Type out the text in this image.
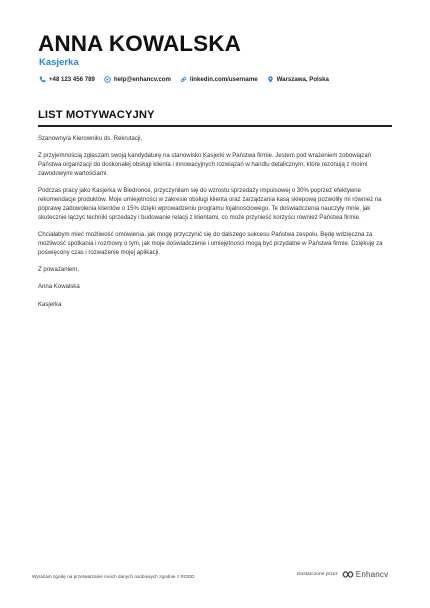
ANNA KOWALSKA
Kasjerka
+48 123 456 789	help@enhancv.com	linkedin.com/username	Warszawa, Polska
LIST MOTYWACYJNY

Szanowny/a Kierowniku ds. Rekrutacji,

Z przyjemnością zgłaszam swoją kandydaturę na stanowisko Kasjerki w Państwa firmie. Jestem pod wrażeniem zobowiązań Państwa organizacji do doskonałej obsługi klienta i innowacyjnych rozwiązań w handlu detalicznym, które rezonują z moimi zawodowymi wartościami.

Podczas pracy jako Kasjerka w Biedronce, przyczyniłam się do wzrostu sprzedaży impulsowej o 30% poprzez efektywne rekomendacje produktów. Moje umiejętności w zakresie obsługi klienta oraz zarządzania kasą sklepową pozwoliły mi również na poprawę zadowolenia klientów o 15% dzięki wprowadzeniu programu lojalnościowego. Te doświadczenia nauczyły mnie, jak skutecznie łączyć techniki sprzedaży i budowanie relacji z klientami, co może przynieść korzyści również Państwa firmie.

Chciałabym mieć możliwość omówienia, jak mogę przyczynić się do dalszego sukcesu Państwa zespołu. Będę wdzięczna za możliwość spotkania i rozmowy o tym, jak moje doświadczenie i umiejętności mogą być przydatne w Państwa firmie. Dziękuję za poświęcony czas i rozważenie mojej aplikacji.

Z poważaniem,

Anna Kowalska

Kasjerka

Wyrażam zgodę na przetwarzanie moich danych osobowych zgodnie z RODO	Dostarczone przez Enhancv
